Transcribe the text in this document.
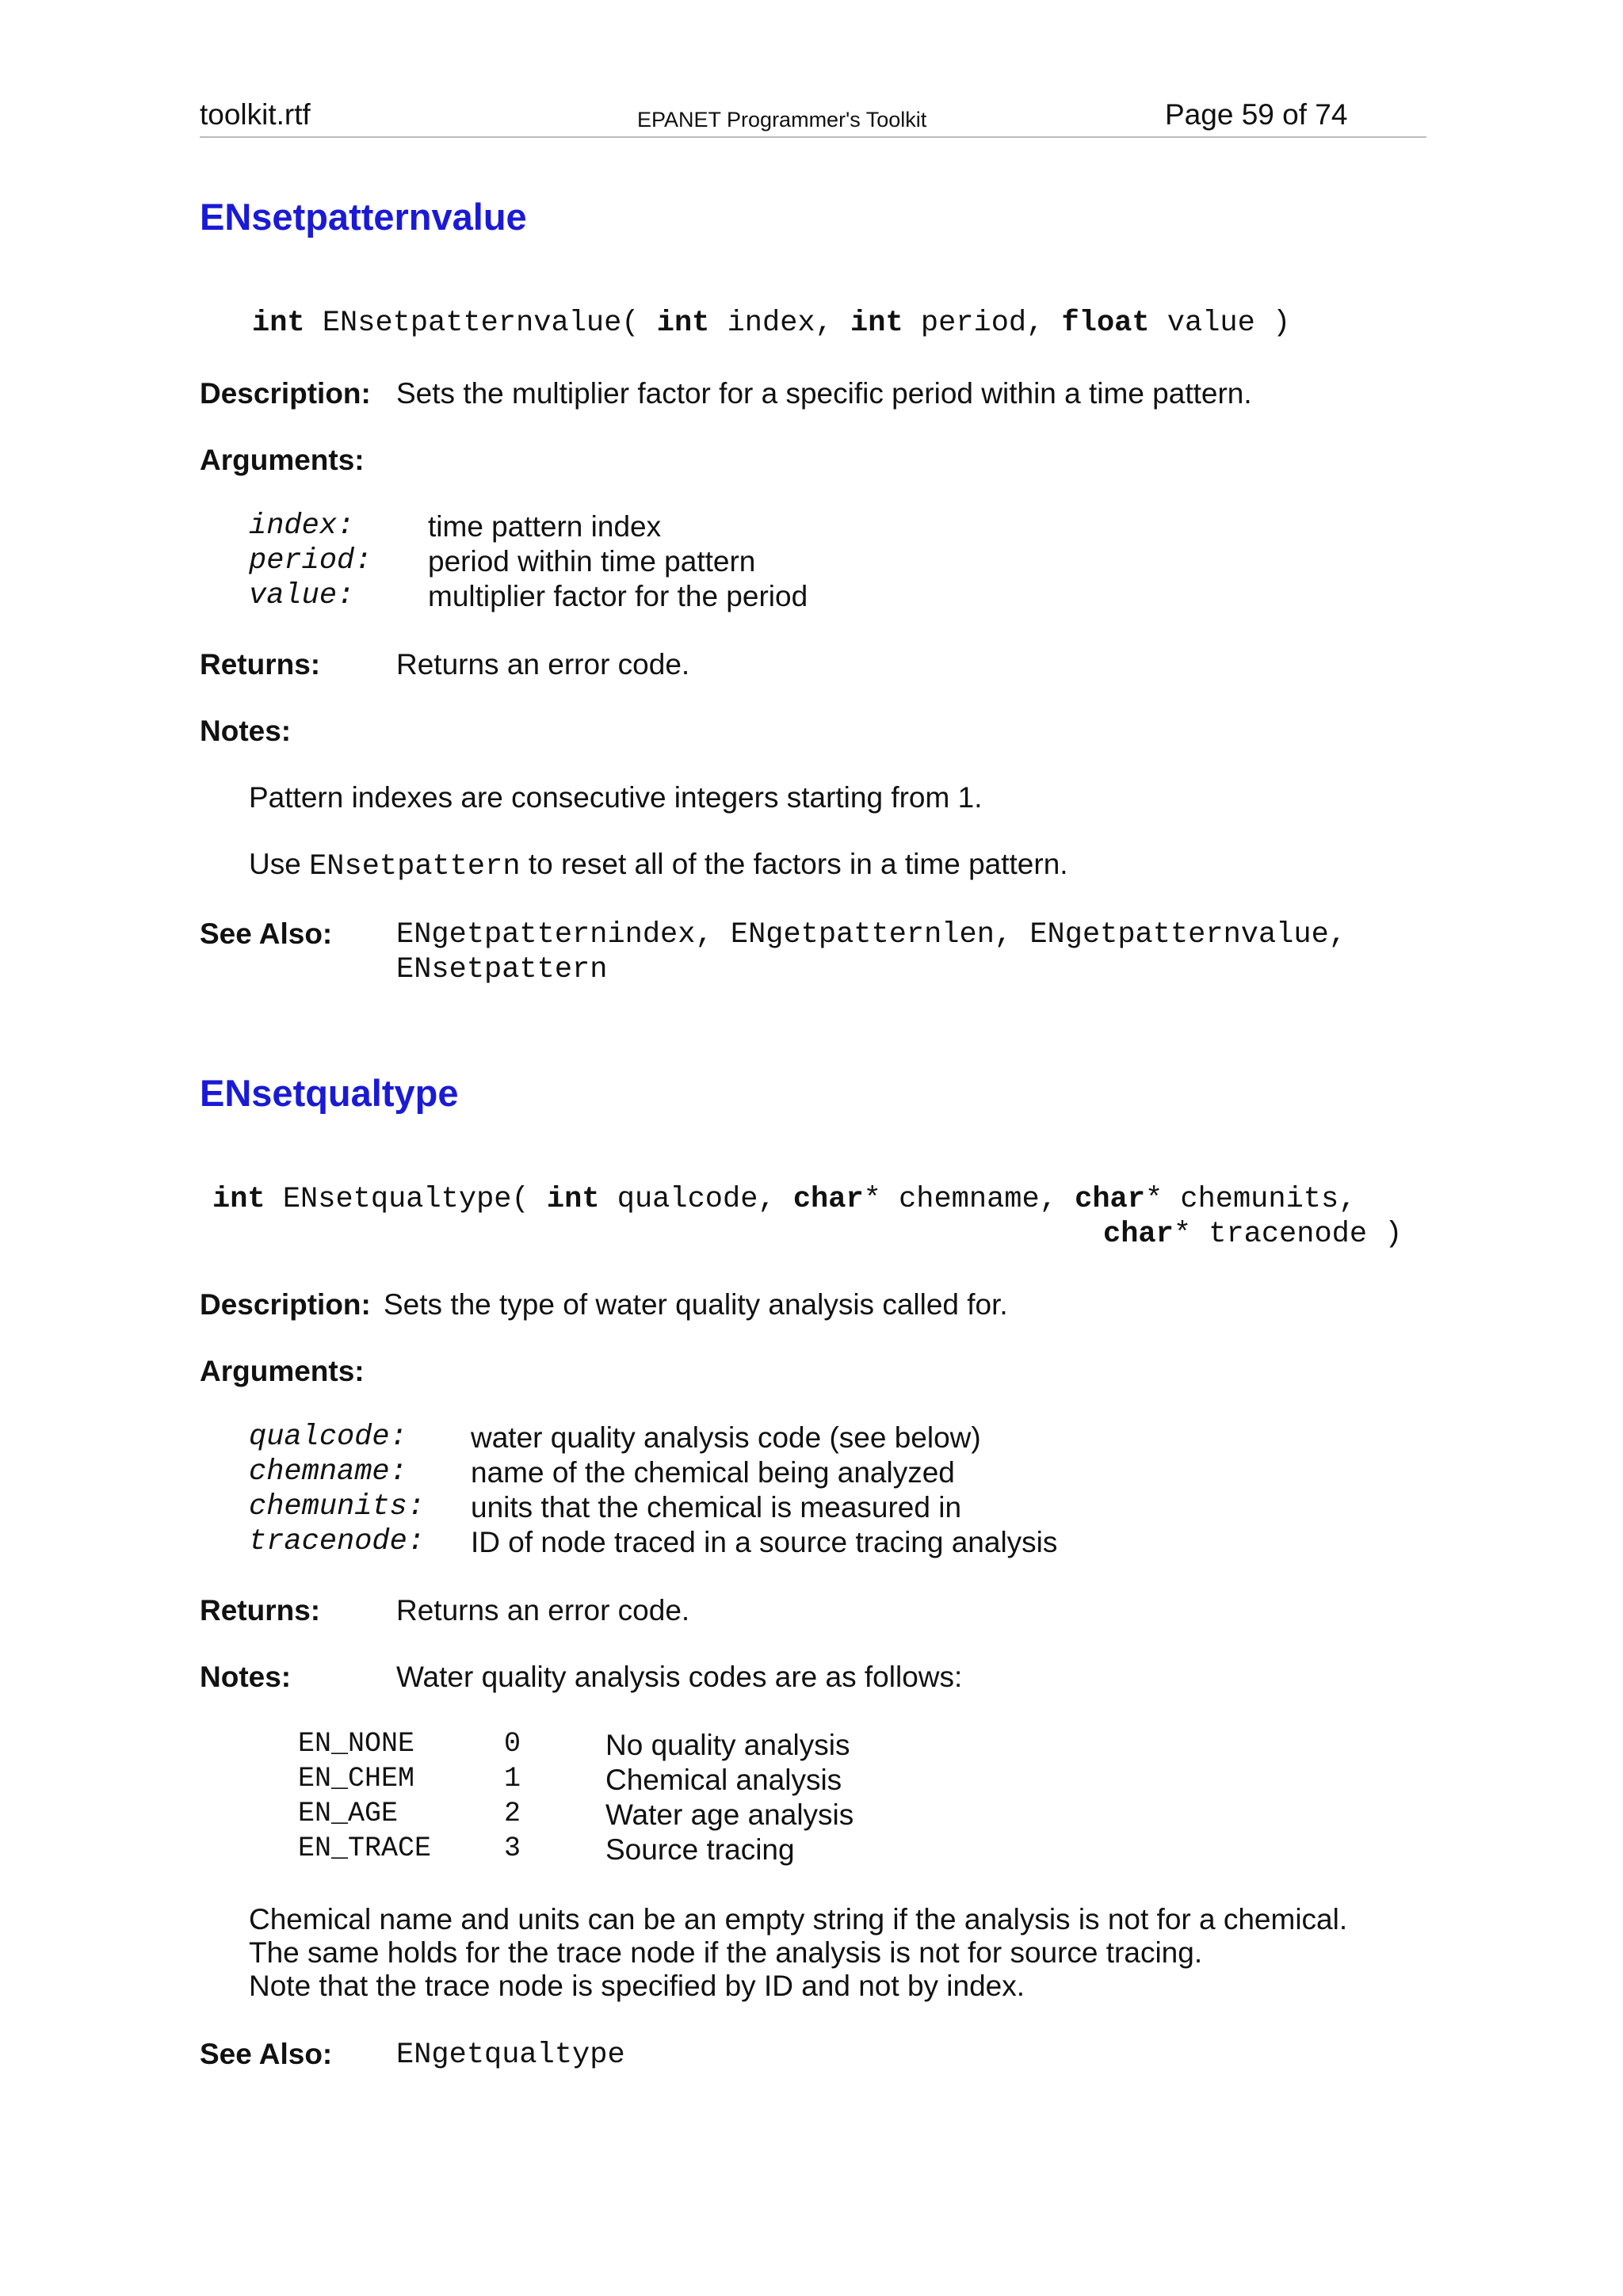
toolkit.rtf	EPANET Programmer's Toolkit	Page 59 of 74
ENsetpatternvalue
int ENsetpatternvalue( int index, int period, float value )
Description: Sets the multiplier factor for a specific period within a time pattern.
Arguments:
index:	time pattern index
period: period within time pattern
value:	multiplier factor for the period
Returns:	Returns an error code.
Notes:
Pattern indexes are consecutive integers starting from 1.
Use ENsetpattern to reset all of the factors in a time pattern.
See Also: ENgetpatternindex, ENgetpatternlen, ENgetpatternvalue,
ENsetpattern
ENsetqualtype
int ENsetqualtype( int qualcode, char* chemname, char* chemunits,
char* tracenode )
Description: Sets the type of water quality analysis called for.
Arguments:
qualcode: water quality analysis code (see below)
chemname: name of the chemical being analyzed
chemunits: units that the chemical is measured in
tracenode: ID of node traced in a source tracing analysis
Returns:	Returns an error code.
Notes:	Water quality analysis codes are as follows:
EN_NONE	0	No quality analysis
EN_CHEM	1	Chemical analysis
EN_AGE	2	Water age analysis
EN_TRACE	3	Source tracing
Chemical name and units can be an empty string if the analysis is not for a chemical.
The same holds for the trace node if the analysis is not for source tracing.
Note that the trace node is specified by ID and not by index.
See Also: ENgetqualtype
